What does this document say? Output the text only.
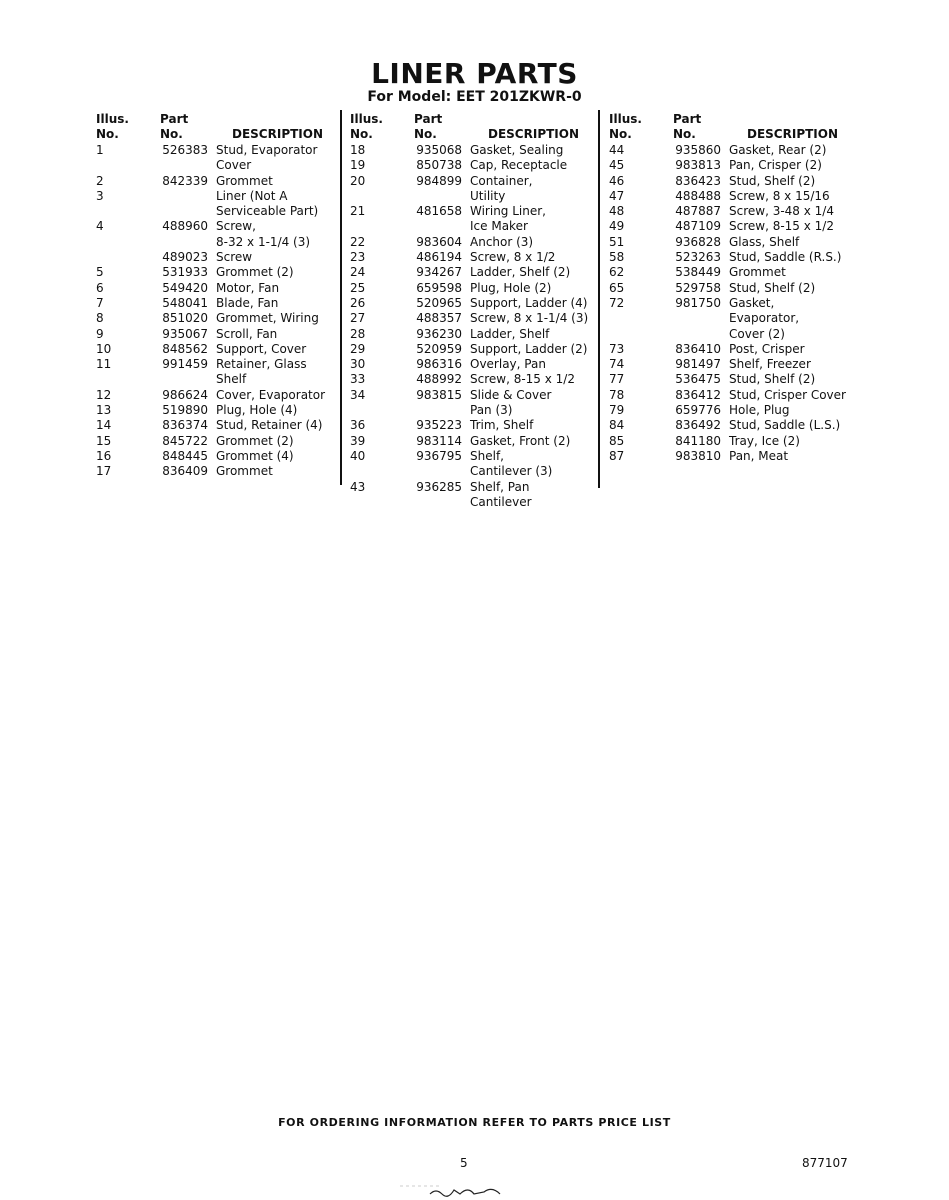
LINER PARTS
For Model: EET 201ZKWR-0
Illus.
No.
Part
No.	DESCRIPTION
1	526383	Stud, Evaporator
Cover
2	842339	Grommet
3		Liner (Not A
Serviceable Part)
4	488960	Screw,
8-32 x 1-1/4 (3)
	489023	Screw
5	531933	Grommet (2)
6	549420	Motor, Fan
7	548041	Blade, Fan
8	851020	Grommet, Wiring
9	935067	Scroll, Fan
10	848562	Support, Cover
11	991459	Retainer, Glass
Shelf
12	986624	Cover, Evaporator
13	519890	Plug, Hole (4)
14	836374	Stud, Retainer (4)
15	845722	Grommet (2)
16	848445	Grommet (4)
17	836409	Grommet
Illus.
No.
Part
No.	DESCRIPTION
18	935068	Gasket, Sealing
19	850738	Cap, Receptacle
20	984899	Container,
Utility
21	481658	Wiring Liner,
Ice Maker
22	983604	Anchor (3)
23	486194	Screw, 8 x 1/2
24	934267	Ladder, Shelf (2)
25	659598	Plug, Hole (2)
26	520965	Support, Ladder (4)
27	488357	Screw, 8 x 1-1/4 (3)
28	936230	Ladder, Shelf
29	520959	Support, Ladder (2)
30	986316	Overlay, Pan
33	488992	Screw, 8-15 x 1/2
34	983815	Slide & Cover
Pan (3)
36	935223	Trim, Shelf
39	983114	Gasket, Front (2)
40	936795	Shelf,
Cantilever (3)
43	936285	Shelf, Pan
Cantilever
Illus.
No.
Part
No.	DESCRIPTION
44	935860	Gasket, Rear (2)
45	983813	Pan, Crisper (2)
46	836423	Stud, Shelf (2)
47	488488	Screw, 8 x 15/16
48	487887	Screw, 3-48 x 1/4
49	487109	Screw, 8-15 x 1/2
51	936828	Glass, Shelf
58	523263	Stud, Saddle (R.S.)
62	538449	Grommet
65	529758	Stud, Shelf (2)
72	981750	Gasket,
Evaporator,
Cover (2)
73	836410	Post, Crisper
74	981497	Shelf, Freezer
77	536475	Stud, Shelf (2)
78	836412	Stud, Crisper Cover
79	659776	Hole, Plug
84	836492	Stud, Saddle (L.S.)
85	841180	Tray, Ice (2)
87	983810	Pan, Meat
FOR ORDERING INFORMATION REFER TO PARTS PRICE LIST
5	877107
